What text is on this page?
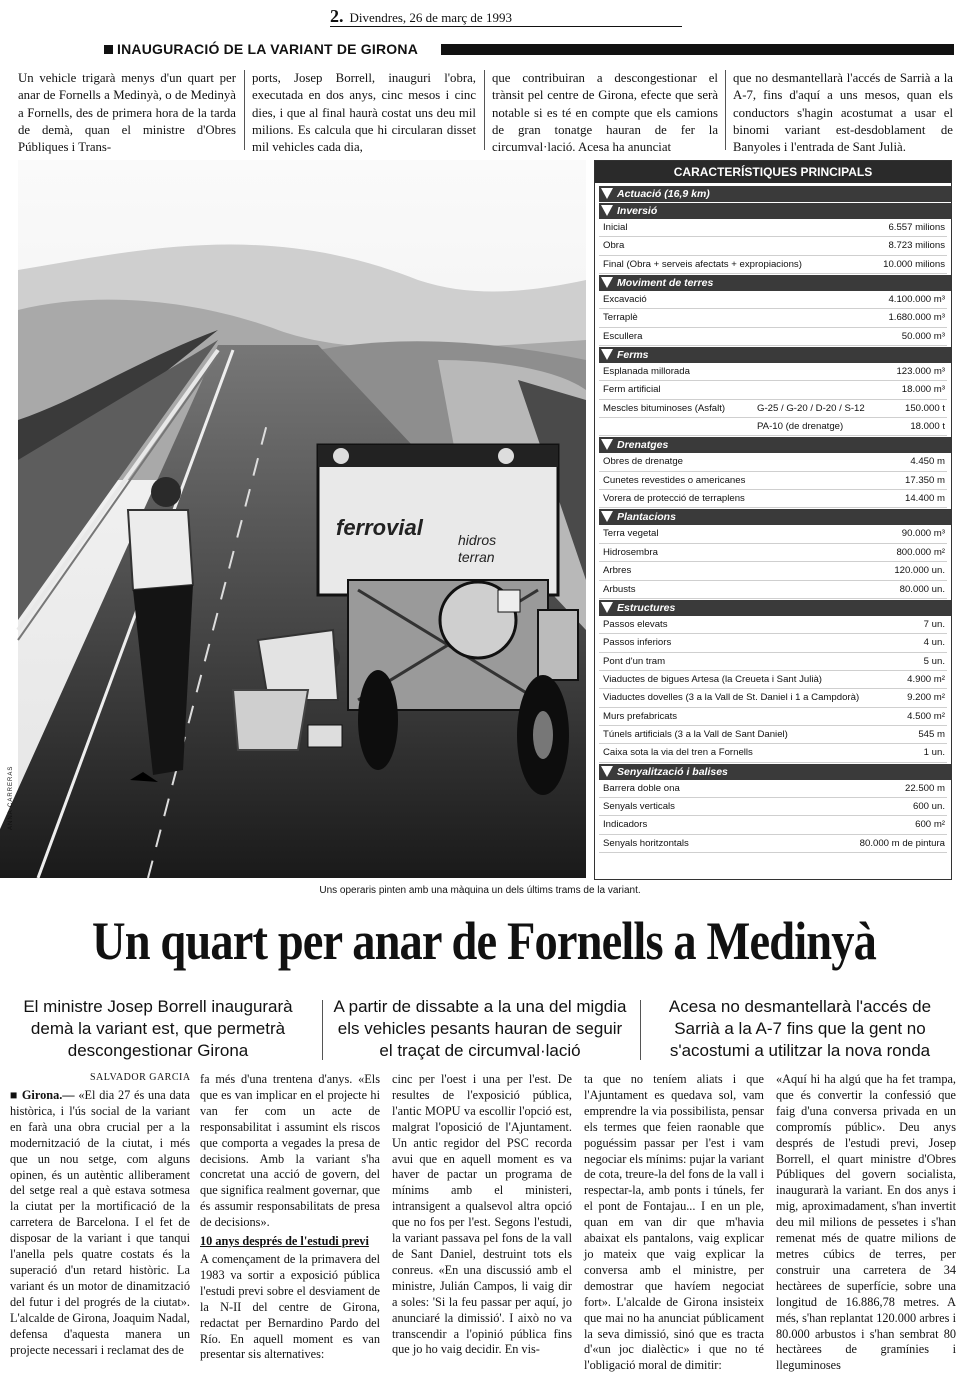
2. Divendres, 26 de març de 1993
INAUGURACIÓ DE LA VARIANT DE GIRONA
Un vehicle trigarà menys d'un quart per anar de Fornells a Medinyà, o de Medinyà a Fornells, des de primera hora de la tarda de demà, quan el ministre d'Obres Públiques i Trans-
ports, Josep Borrell, inauguri l'obra, executada en dos anys, cinc mesos i cinc dies, i que al final haurà costat uns deu mil milions. Es calcula que hi circularan disset mil vehicles cada dia,
que contribuiran a descongestionar el trànsit pel centre de Girona, efecte que serà notable si es té en compte que els camions de gran tonatge hauran de fer la circumval·lació. Acesa ha anunciat
que no desmantellarà l'accés de Sarrià a la A-7, fins d'aquí a uns mesos, quan els conductors s'hagin acostumat a usar el binomi variant est-desdoblament de Banyoles i l'entrada de Sant Julià.
ferrovial	hidros
terran
ANNA CARRERAS
Uns operaris pinten amb una màquina un dels últims trams de la variant.
CARACTERÍSTIQUES PRINCIPALS
Actuació (16,9 km)
Inversió
Inicial	6.557 milions
Obra	8.723 milions
Final (Obra + serveis afectats + expropiacions)	10.000 milions
Moviment de terres
Excavació	4.100.000 m³
Terraplè	1.680.000 m³
Escullera	50.000 m³
Ferms
Esplanada millorada	123.000 m³
Ferm artificial	18.000 m³
Mescles bituminoses (Asfalt)	G-25 / G-20 / D-20 / S-12	150.000 t
PA-10 (de drenatge)	18.000 t
Drenatges
Obres de drenatge	4.450 m
Cunetes revestides o americanes	17.350 m
Vorera de protecció de terraplens	14.400 m
Plantacions
Terra vegetal	90.000 m³
Hidrosembra	800.000 m²
Arbres	120.000 un.
Arbusts	80.000 un.
Estructures
Passos elevats	7 un.
Passos inferiors	4 un.
Pont d'un tram	5 un.
Viaductes de bigues Artesa (la Creueta i Sant Julià)	4.900 m²
Viaductes dovelles (3 a la Vall de St. Daniel i 1 a Campdorà)	9.200 m²
Murs prefabricats	4.500 m²
Túnels artificials (3 a la Vall de Sant Daniel)	545 m
Caixa sota la via del tren a Fornells	1 un.
Senyalització i balises
Barrera doble ona	22.500 m
Senyals verticals	600 un.
Indicadors	600 m²
Senyals horitzontals	80.000 m de pintura
Un quart per anar de Fornells a Medinyà
El ministre Josep Borrell inaugurarà demà la variant est, que permetrà descongestionar Girona
A partir de dissabte a la una del migdia els vehicles pesants hauran de seguir el traçat de circumval·lació
Acesa no desmantellarà l'accés de Sarrià a la A-7 fins que la gent no s'acostumi a utilitzar la nova ronda
SALVADOR GARCIA
■ Girona.— «El dia 27 és una data històrica, i l'ús social de la variant en farà una obra crucial per a la modernització de la ciutat, i més que un nou setge, com alguns opinen, és un autèntic alliberament del setge real a què estava sotmesa la ciutat per la mortificació de la carretera de Barcelona. I el fet de disposar de la variant i que tanqui l'anella pels quatre costats és la superació d'un retard històric. La variant és un motor de dinamització del futur i del progrés de la ciutat». L'alcalde de Girona, Joaquim Nadal, defensa d'aquesta manera un projecte necessari i reclamat des de
fa més d'una trentena d'anys. «Els que es van implicar en el projecte hi van fer com un acte de responsabilitat i assumint els riscos que comporta a vegades la presa de decisions. Amb la variant s'ha concretat una acció de govern, del que significa realment governar, que és assumir responsabilitats de presa de decisions».
10 anys després de l'estudi previ
A començament de la primavera del 1983 va sortir a exposició pública l'estudi previ sobre el desviament de la N-II del centre de Girona, redactat per Bernardino Pardo del Río. En aquell moment es van presentar sis alternatives:
cinc per l'oest i una per l'est. De resultes de l'exposició pública, l'antic MOPU va escollir l'opció est, malgrat l'oposició de l'Ajuntament. Un antic regidor del PSC recorda avui que en aquell moment es va haver de pactar un programa de mínims amb el ministeri, intransigent a qualsevol altra opció que no fos per l'est. Segons l'estudi, la variant passava pel fons de la vall de Sant Daniel, destruint tots els conreus. «En una discussió amb el ministre, Julián Campos, li vaig dir a soles: 'Si la feu passar per aquí, jo anunciaré la dimissió'. I això no va transcendir a l'opinió pública fins que jo ho vaig decidir. En vis-
ta que no teníem aliats i que l'Ajuntament es quedava sol, vam emprendre la via possibilista, pensar els termes que feien raonable que poguéssim passar per l'est i vam negociar els mínims: pujar la variant de cota, treure-la del fons de la vall i respectar-la, amb ponts i túnels, fer el pont de Fontajau... I en un ple, quan em van dir que m'havia abaixat els pantalons, vaig explicar jo mateix que vaig explicar la conversa amb el ministre, per demostrar que havíem negociat fort». L'alcalde de Girona insisteix que mai no ha anunciat públicament la seva dimissió, sinó que es tracta d'«un joc dialèctic» i que no té l'obligació moral de dimitir:
«Aquí hi ha algú que ha fet trampa, que és convertir la confessió que faig d'una conversa privada en un compromís públic». Deu anys després de l'estudi previ, Josep Borrell, el quart ministre d'Obres Públiques del govern socialista, inaugurarà la variant. En dos anys i mig, aproximadament, s'han invertit deu mil milions de pessetes i s'han remenat més de quatre milions de metres cúbics de terres, per construir una carretera de 34 hectàrees de superfície, sobre una longitud de 16.886,78 metres. A més, s'han replantat 120.000 arbres i 80.000 arbustos i s'han sembrat 80 hectàrees de gramínies i lleguminoses
